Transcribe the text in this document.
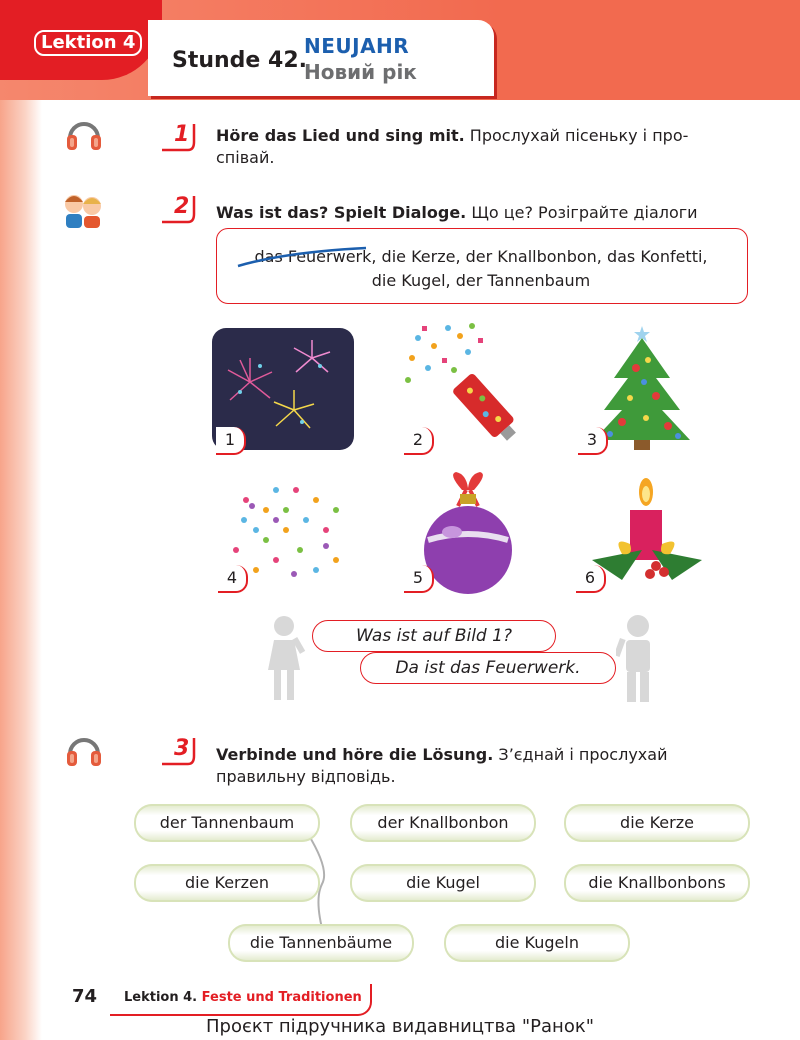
Lektion 4
Stunde 42.
NEUJAHR
Новий рік
1 Höre das Lied und sing mit. Прослухай пісеньку і про-
співай.
2 Was ist das? Spielt Dialoge. Що це? Розіграйте діалоги
das Feuerwerk, die Kerze, der Knallbonbon, das Konfetti,
die Kugel, der Tannenbaum
1	2	3
4	5	6
Was ist auf Bild 1?
Da ist das Feuerwerk.
3 Verbinde und höre die Lösung. З’єднай і прослухай
правильну відповідь.
der Tannenbaum	der Knallbonbon	die Kerze
die Kerzen	die Kugel	die Knallbonbons
die Tannenbäume	die Kugeln
74 Lektion 4. Feste und Traditionen
Проєкт підручника видавництва "Ранок"
